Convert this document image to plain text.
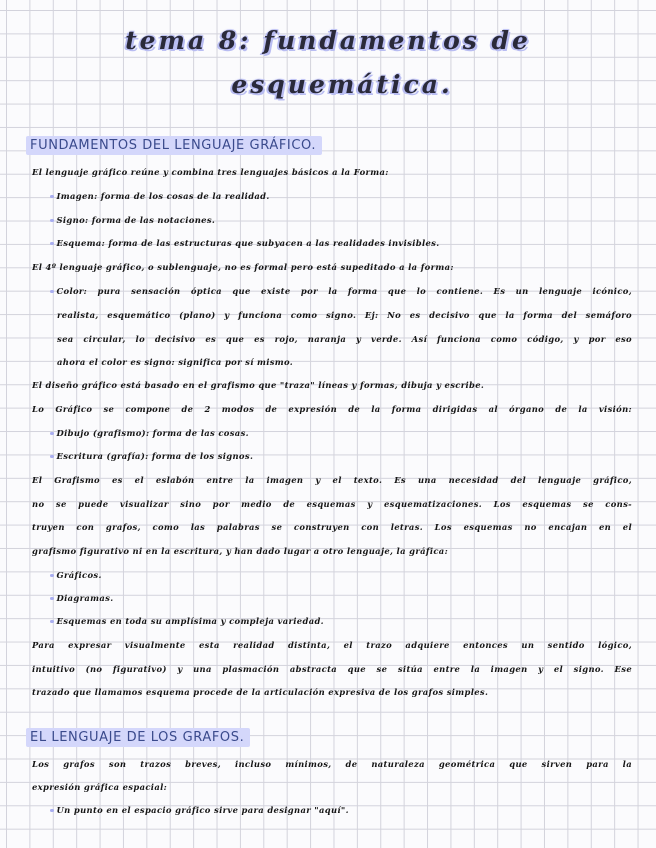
tema 8: fundamentos de
esquemática.
FUNDAMENTOS DEL LENGUAJE GRÁFICO.
El lenguaje gráfico reúne y combina tres lenguajes básicos a la Forma:
Imagen: forma de los cosas de la realidad.
Signo: forma de las notaciones.
Esquema: forma de las estructuras que subyacen a las realidades invisibles.
El 4º lenguaje gráfico, o sublenguaje, no es formal pero está supeditado a la forma:
Color: pura sensación óptica que existe por la forma que lo contiene. Es un lenguaje icónico,
realista, esquemático (plano) y funciona como signo. Ej: No es decisivo que la forma del semáforo
sea circular, lo decisivo es que es rojo, naranja y verde. Así funciona como código, y por eso
ahora el color es signo: significa por sí mismo.
El diseño gráfico está basado en el grafismo que "traza" líneas y formas, dibuja y escribe.
Lo Gráfico se compone de 2 modos de expresión de la forma dirigidas al órgano de la visión:
Dibujo (grafismo): forma de las cosas.
Escritura (grafía): forma de los signos.
El Grafismo es el eslabón entre la imagen y el texto. Es una necesidad del lenguaje gráfico,
no se puede visualizar sino por medio de esquemas y esquematizaciones. Los esquemas se cons-
truyen con grafos, como las palabras se construyen con letras. Los esquemas no encajan en el
grafismo figurativo ni en la escritura, y han dado lugar a otro lenguaje, la gráfica:
Gráficos.
Diagramas.
Esquemas en toda su amplísima y compleja variedad.
Para expresar visualmente esta realidad distinta, el trazo adquiere entonces un sentido lógico,
intuitivo (no figurativo) y una plasmación abstracta que se sitúa entre la imagen y el signo. Ese
trazado que llamamos esquema procede de la articulación expresiva de los grafos simples.
EL LENGUAJE DE LOS GRAFOS.
Los grafos son trazos breves, incluso mínimos, de naturaleza geométrica que sirven para la
expresión gráfica espacial:
Un punto en el espacio gráfico sirve para designar "aquí".
